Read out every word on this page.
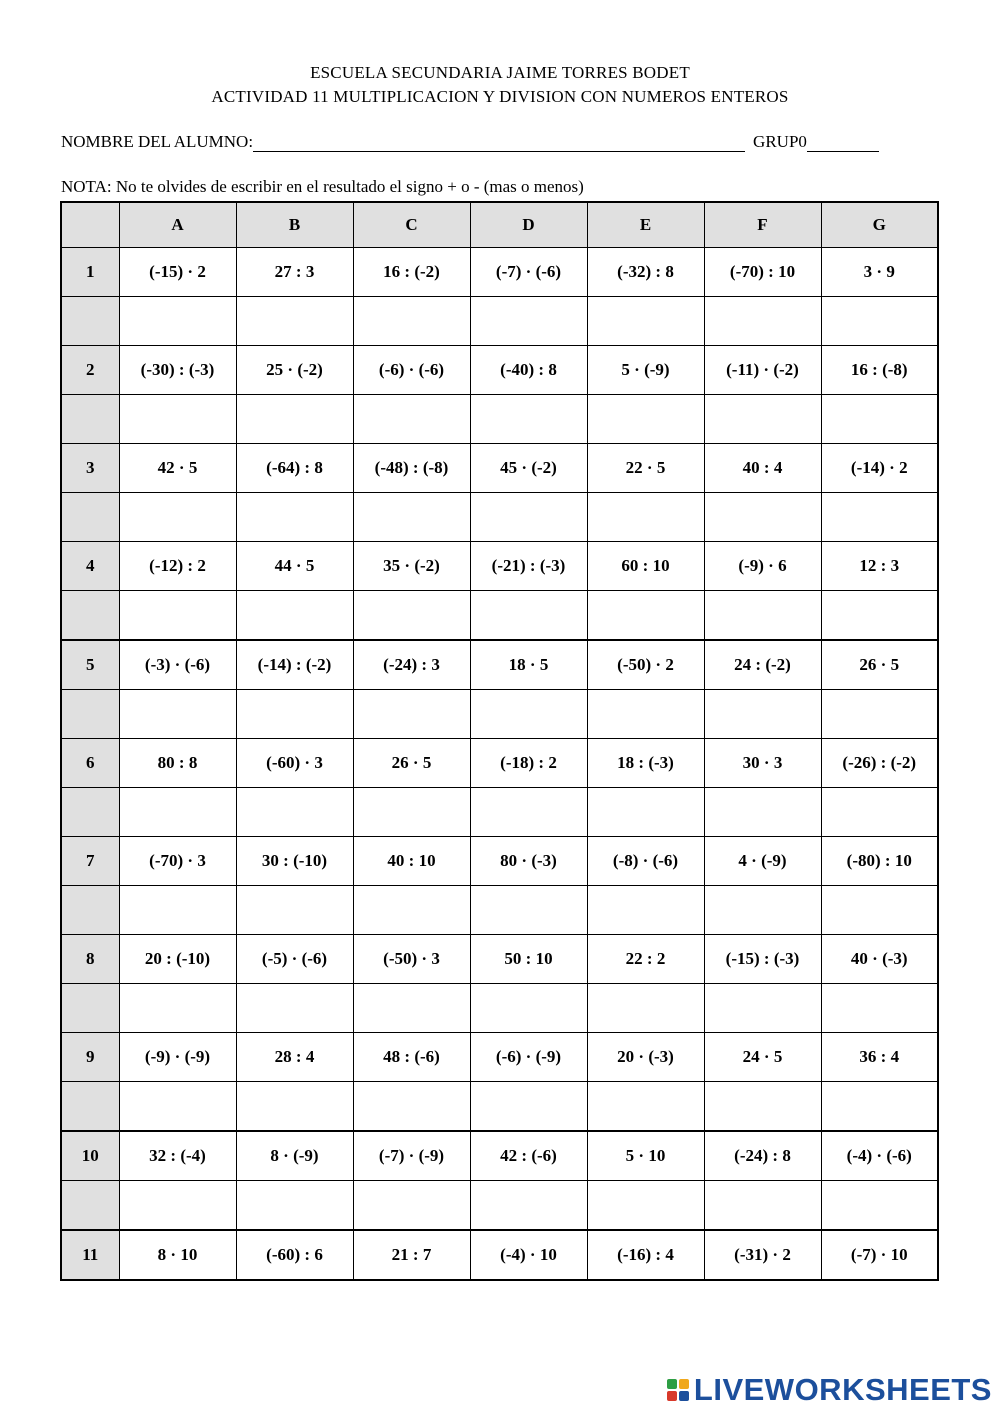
ESCUELA SECUNDARIA JAIME TORRES BODET
ACTIVIDAD 11 MULTIPLICACION Y DIVISION CON NUMEROS ENTEROS
NOMBRE DEL ALUMNO:	GRUP0
NOTA: No te olvides de escribir en el resultado el signo + o - (mas o menos)
	A	B	C	D	E	F	G
1	(-15) · 2	27 : 3	16 : (-2)	(-7) · (-6)	(-32) : 8	(-70) : 10	3 · 9

2	(-30) : (-3)	25 · (-2)	(-6) · (-6)	(-40) : 8	5 · (-9)	(-11) · (-2)	16 : (-8)

3	42 · 5	(-64) : 8	(-48) : (-8)	45 · (-2)	22 · 5	40 : 4	(-14) · 2

4	(-12) : 2	44 · 5	35 · (-2)	(-21) : (-3)	60 : 10	(-9) · 6	12 : 3

5	(-3) · (-6)	(-14) : (-2)	(-24) : 3	18 · 5	(-50) · 2	24 : (-2)	26 · 5

6	80 : 8	(-60) · 3	26 · 5	(-18) : 2	18 : (-3)	30 · 3	(-26) : (-2)

7	(-70) · 3	30 : (-10)	40 : 10	80 · (-3)	(-8) · (-6)	4 · (-9)	(-80) : 10

8	20 : (-10)	(-5) · (-6)	(-50) · 3	50 : 10	22 : 2	(-15) : (-3)	40 · (-3)

9	(-9) · (-9)	28 : 4	48 : (-6)	(-6) · (-9)	20 · (-3)	24 · 5	36 : 4

10	32 : (-4)	8 · (-9)	(-7) · (-9)	42 : (-6)	5 · 10	(-24) : 8	(-4) · (-6)

11	8 · 10	(-60) : 6	21 : 7	(-4) · 10	(-16) : 4	(-31) · 2	(-7) · 10
LIVEWORKSHEETS
